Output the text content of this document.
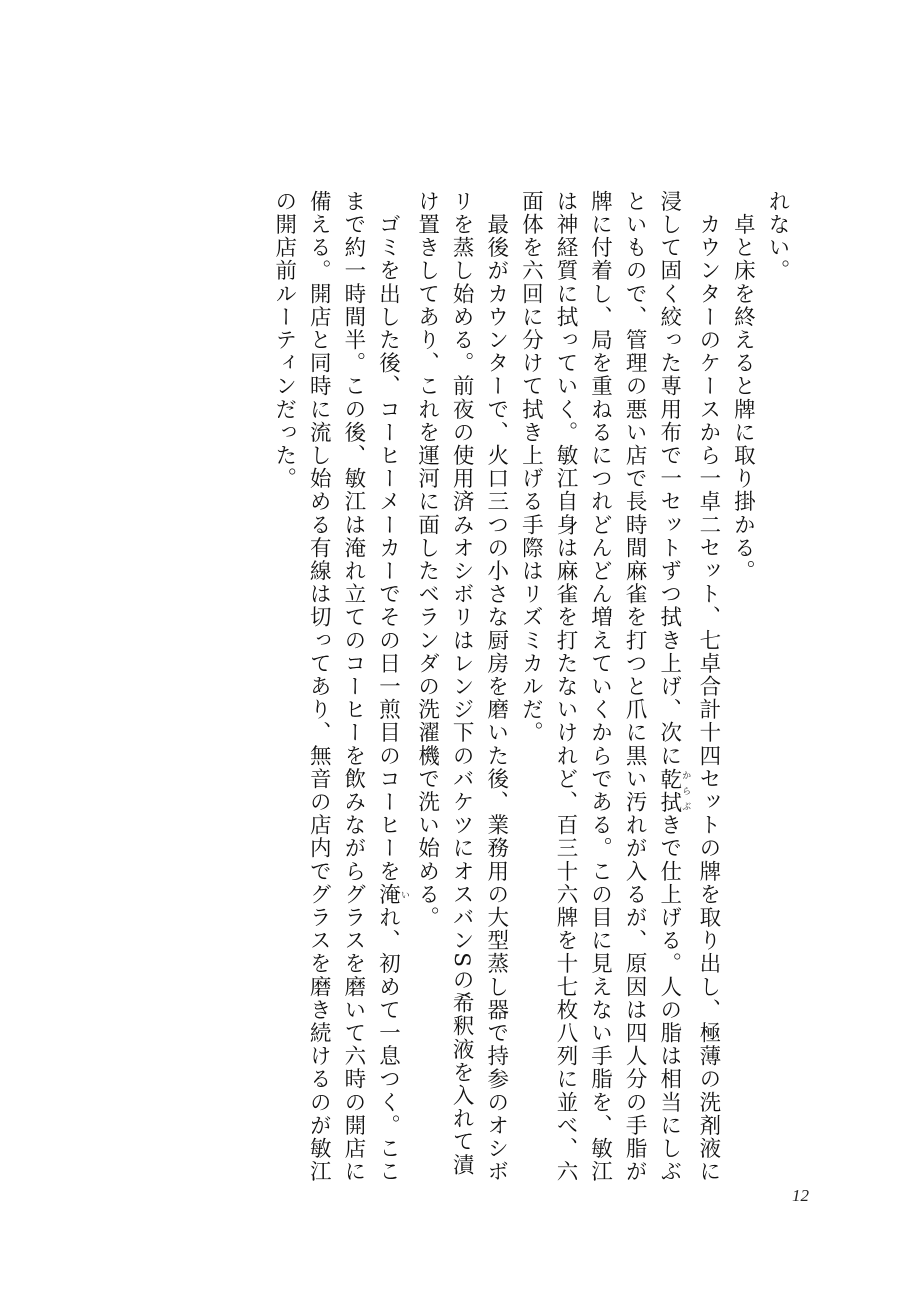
れない。
　卓と床を終えると牌に取り掛かる。
　カウンターのケースから一卓二セット、七卓合計十四セットの牌を取り出し、極薄の洗剤液に
浸して固く絞った専用布で一セットずつ拭き上げ、次に乾拭からぶきで仕上げる。人の脂は相当にしぶ
といもので、管理の悪い店で長時間麻雀を打つと爪に黒い汚れが入るが、原因は四人分の手脂が
牌に付着し、局を重ねるにつれどんどん増えていくからである。この目に見えない手脂を、敏江
は神経質に拭っていく。敏江自身は麻雀を打たないけれど、百三十六牌を十七枚八列に並べ、六
面体を六回に分けて拭き上げる手際はリズミカルだ。
　最後がカウンターで、火口三つの小さな厨房を磨いた後、業務用の大型蒸し器で持参のオシボ
リを蒸し始める。前夜の使用済みオシボリはレンジ下のバケツにオスバンSの希釈液を入れて漬
け置きしてあり、これを運河に面したベランダの洗濯機で洗い始める。
　ゴミを出した後、コーヒーメーカーでその日一煎目のコーヒーを淹いれ、初めて一息つく。ここ
まで約一時間半。この後、敏江は淹れ立てのコーヒーを飲みながらグラスを磨いて六時の開店に
備える。開店と同時に流し始める有線は切ってあり、無音の店内でグラスを磨き続けるのが敏江
の開店前ルーティンだった。
12
